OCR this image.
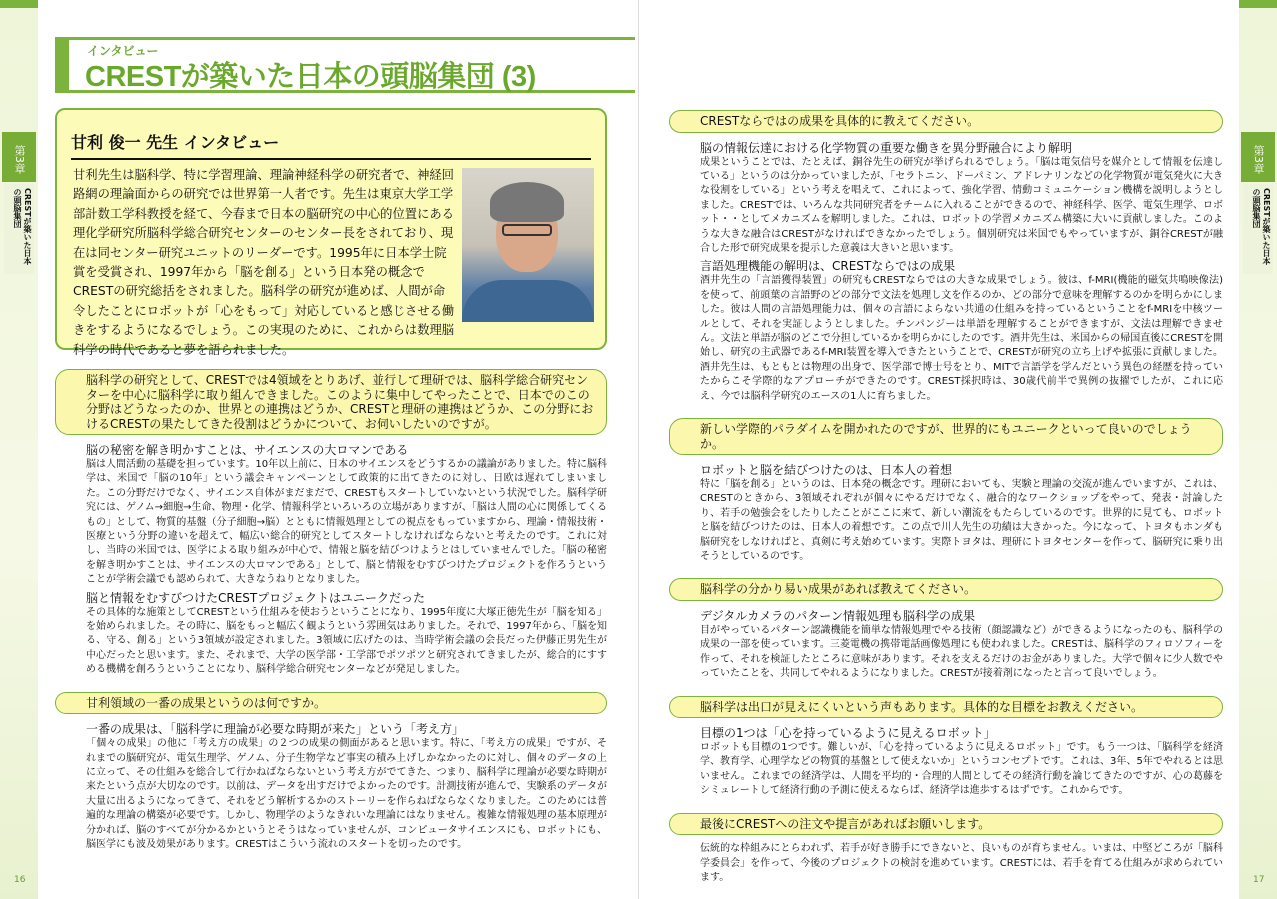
第3章
CRESTが築いた日本の頭脳集団
16
インタビュー
CRESTが築いた日本の頭脳集団 (3)
甘利 俊一 先生 インタビュー

甘利先生は脳科学、特に学習理論、理論神経科学の研究者で、神経回路網の理論面からの研究では世界第一人者です。先生は東京大学工学部計数工学科教授を経て、今春まで日本の脳研究の中心的位置にある理化学研究所脳科学総合研究センターのセンター長をされており、現在は同センター研究ユニットのリーダーです。1995年に日本学士院賞を受賞され、1997年から「脳を創る」という日本発の概念でCRESTの研究総括をされました。脳科学の研究が進めば、人間が命令したことにロボットが「心をもって」対応していると感じさせる働きをするようになるでしょう。この実現のために、これからは数理脳科学の時代であると夢を語られました。

脳科学の研究として、CRESTでは4領域をとりあげ、並行して理研では、脳科学総合研究センターを中心に脳科学に取り組んできました。このように集中してやったことで、日本でのこの分野はどうなったのか、世界との連携はどうか、CRESTと理研の連携はどうか、この分野におけるCRESTの果たしてきた役割はどうかについて、お伺いしたいのですが。
脳の秘密を解き明かすことは、サイエンスの大ロマンである

脳は人間活動の基礎を担っています。10年以上前に、日本のサイエンスをどうするかの議論がありました。特に脳科学は、米国で「脳の10年」という議会キャンペーンとして政策的に出てきたのに対し、日欧は遅れてしまいました。この分野だけでなく、サイエンス自体がまだまだで、CRESTもスタートしていないという状況でした。脳科学研究には、ゲノム→細胞→生命、物理・化学、情報科学といろいろの立場がありますが、「脳は人間の心に関係してくるもの」として、物質的基盤（分子細胞→脳）とともに情報処理としての視点をもっていますから、理論・情報技術・医療という分野の違いを超えて、幅広い総合的研究としてスタートしなければならないと考えたのです。これに対し、当時の米国では、医学による取り組みが中心で、情報と脳を結びつけようとはしていませんでした。「脳の秘密を解き明かすことは、サイエンスの大ロマンである」として、脳と情報をむすびつけたプロジェクトを作ろうということが学術会議でも認められて、大きなうねりとなりました。

脳と情報をむすびつけたCRESTプロジェクトはユニークだった

その具体的な施策としてCRESTという仕組みを使おうということになり、1995年度に大塚正徳先生が「脳を知る」を始められました。その時に、脳をもっと幅広く観ようという雰囲気はありました。それで、1997年から、「脳を知る、守る、創る」という3領域が設定されました。3領域に広げたのは、当時学術会議の会長だった伊藤正男先生が中心だったと思います。また、それまで、大学の医学部・工学部でポツポツと研究されてきましたが、総合的にすすめる機構を創ろうということになり、脳科学総合研究センターなどが発足しました。

甘利領域の一番の成果というのは何ですか。
一番の成果は、「脳科学に理論が必要な時期が来た」という「考え方」

「個々の成果」の他に「考え方の成果」の２つの成果の側面があると思います。特に、「考え方の成果」ですが、それまでの脳研究が、電気生理学、ゲノム、分子生物学など事実の積み上げしかなかったのに対し、個々のデータの上に立って、その仕組みを総合して行かねばならないという考え方がでてきた、つまり、脳科学に理論が必要な時期が来たという点が大切なのです。以前は、データを出すだけでよかったのです。計測技術が進んで、実験系のデータが大量に出るようになってきて、それをどう解析するかのストーリーを作らねばならなくなりました。このためには普遍的な理論の構築が必要です。しかし、物理学のようなきれいな理論にはなりません。複雑な情報処理の基本原理が分かれば、脳のすべてが分かるかというとそうはなっていませんが、コンピュータサイエンスにも、ロボットにも、脳医学にも波及効果があります。CRESTはこういう流れのスタートを切ったのです。

第3章
CRESTが築いた日本の頭脳集団
17
CRESTならではの成果を具体的に教えてください。
脳の情報伝達における化学物質の重要な働きを異分野融合により解明

成果ということでは、たとえば、銅谷先生の研究が挙げられるでしょう。「脳は電気信号を媒介として情報を伝達している」というのは分かっていましたが、「セラトニン、ドーパミン、アドレナリンなどの化学物質が電気発火に大きな役割をしている」という考えを唱えて、これによって、強化学習、情動コミュニケーション機構を説明しようとしました。CRESTでは、いろんな共同研究者をチームに入れることができるので、神経科学、医学、電気生理学、ロボット・・としてメカニズムを解明しました。これは、ロボットの学習メカニズム構築に大いに貢献しました。このような大きな融合はCRESTがなければできなかったでしょう。個別研究は米国でもやっていますが、銅谷CRESTが融合した形で研究成果を提示した意義は大きいと思います。

言語処理機能の解明は、CRESTならではの成果

酒井先生の「言語獲得装置」の研究もCRESTならではの大きな成果でしょう。彼は、f-MRI(機能的磁気共鳴映像法)を使って、前頭葉の言語野のどの部分で文法を処理し文を作るのか、どの部分で意味を理解するのかを明らかにしました。彼は人間の言語処理能力は、個々の言語によらない共通の仕組みを持っているということをf-MRIを中核ツールとして、それを実証しようとしました。チンパンジーは単語を理解することができますが、文法は理解できません。文法と単語が脳のどこで分担しているかを明らかにしたのです。酒井先生は、米国からの帰国直後にCRESTを開始し、研究の主武器であるf-MRI装置を導入できたということで、CRESTが研究の立ち上げや拡張に貢献しました。酒井先生は、もともとは物理の出身で、医学部で博士号をとり、MITで言語学を学んだという異色の経歴を持っていたからこそ学際的なアプローチができたのです。CREST採択時は、30歳代前半で異例の抜擢でしたが、これに応え、今では脳科学研究のエースの1人に育ちました。

新しい学際的パラダイムを開かれたのですが、世界的にもユニークといって良いのでしょうか。
ロボットと脳を結びつけたのは、日本人の着想

特に「脳を創る」というのは、日本発の概念です。理研においても、実験と理論の交流が進んでいますが、これは、CRESTのときから、3領域それぞれが個々にやるだけでなく、融合的なワークショップをやって、発表・討論したり、若手の勉強会をしたりしたことがここに来て、新しい潮流をもたらしているのです。世界的に見ても、ロボットと脳を結びつけたのは、日本人の着想です。この点で川人先生の功績は大きかった。今になって、トヨタもホンダも脳研究をしなければと、真剣に考え始めています。実際トヨタは、理研にトヨタセンターを作って、脳研究に乗り出そうとしているのです。

脳科学の分かり易い成果があれば教えてください。
デジタルカメラのパターン情報処理も脳科学の成果

目がやっているパターン認識機能を簡単な情報処理でやる技術（顔認識など）ができるようになったのも、脳科学の成果の一部を使っています。三菱電機の携帯電話画像処理にも使われました。CRESTは、脳科学のフィロソフィーを作って、それを検証したところに意味があります。それを支えるだけのお金がありました。大学で個々に少人数でやっていたことを、共同してやれるようになりました。CRESTが接着剤になったと言って良いでしょう。

脳科学は出口が見えにくいという声もあります。具体的な目標をお教えください。
目標の1つは「心を持っているように見えるロボット」

ロボットも目標の1つです。難しいが、「心を持っているように見えるロボット」です。もう一つは、「脳科学を経済学、教育学、心理学などの物質的基盤として使えないか」というコンセプトです。これは、3年、5年でやれるとは思いません。これまでの経済学は、人間を平均的・合理的人間としてその経済行動を論じてきたのですが、心の葛藤をシミュレートして経済行動の予測に使えるならば、経済学は進歩するはずです。これからです。

最後にCRESTへの注文や提言があればお願いします。

伝統的な枠組みにとらわれず、若手が好き勝手にできないと、良いものが育ちません。いまは、中堅どころが「脳科学委員会」を作って、今後のプロジェクトの検討を進めています。CRESTには、若手を育てる仕組みが求められています。
